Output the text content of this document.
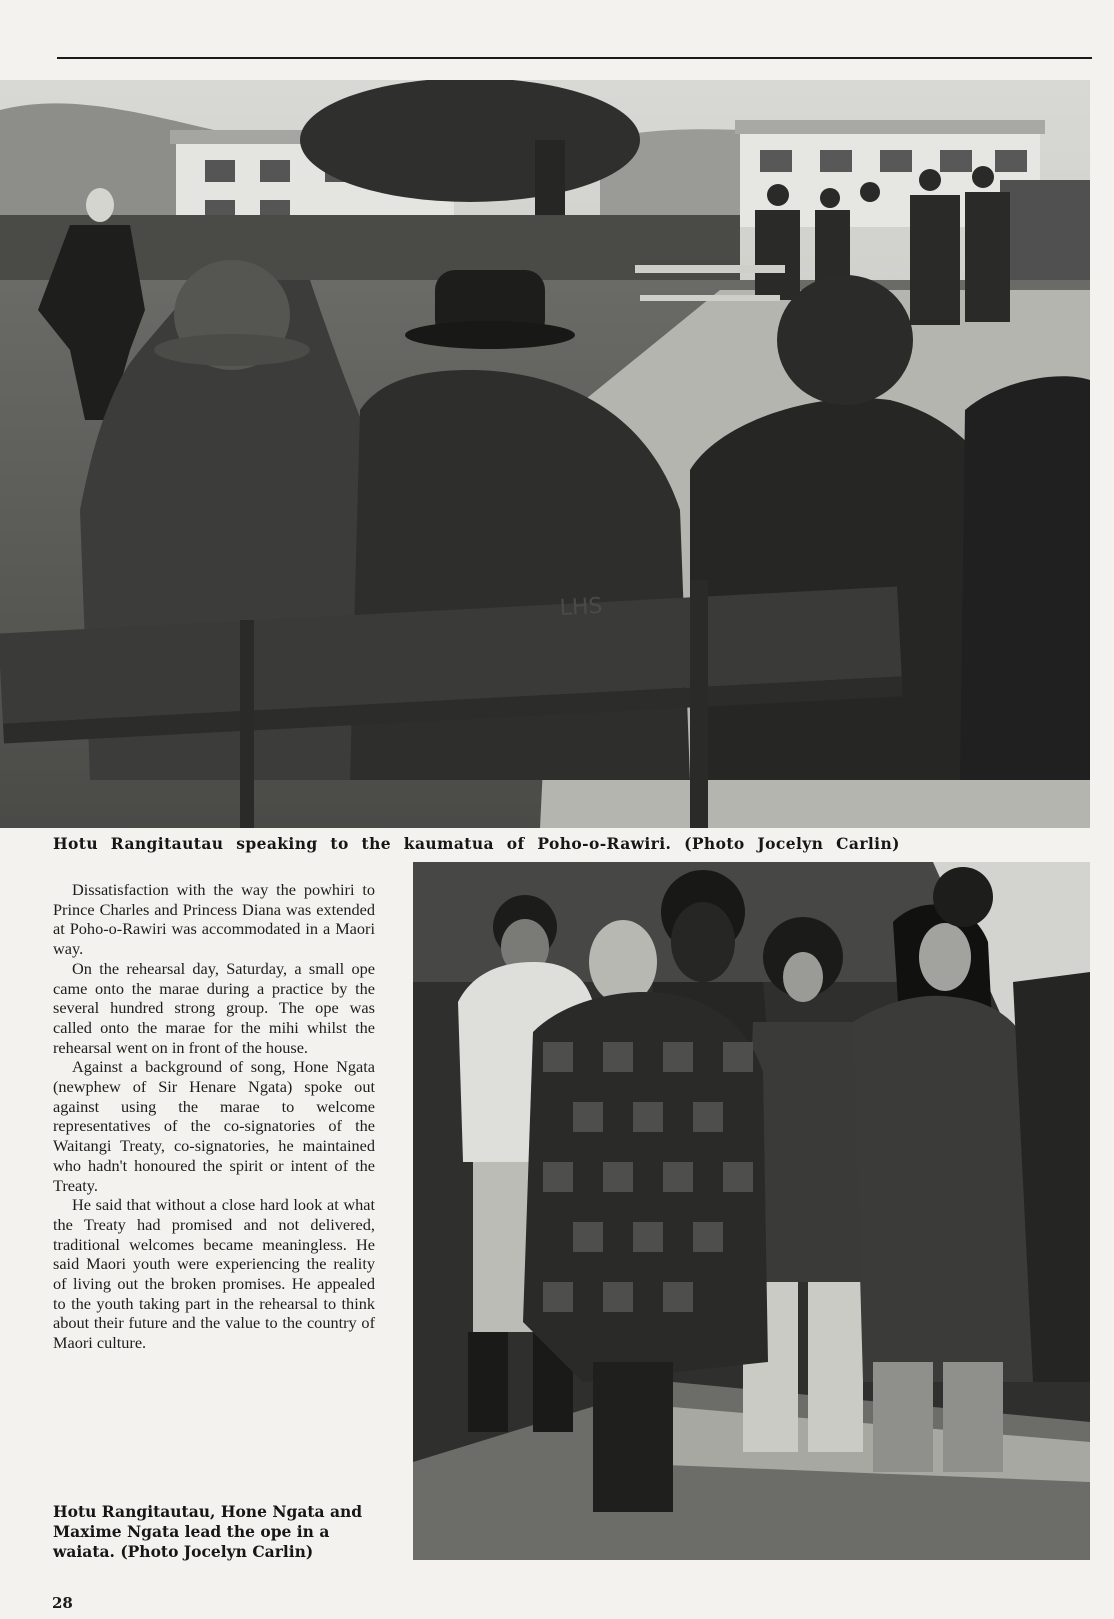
LHS

Hotu Rangitautau speaking to the kaumatua of Poho-o-Rawiri. (Photo Jocelyn Carlin)

Dissatisfaction with the way the powhiri to Prince Charles and Princess Diana was extended at Poho-o-Rawiri was accommodated in a Maori way.

On the rehearsal day, Saturday, a small ope came onto the marae during a practice by the several hundred strong group. The ope was called onto the marae for the mihi whilst the rehearsal went on in front of the house.

Against a background of song, Hone Ngata (newphew of Sir Henare Ngata) spoke out against using the marae to welcome representatives of the co-signatories of the Waitangi Treaty, co-signatories, he maintained who hadn't honoured the spirit or intent of the Treaty.

He said that without a close hard look at what the Treaty had promised and not delivered, traditional welcomes became meaningless. He said Maori youth were experiencing the reality of living out the broken promises. He appealed to the youth taking part in the rehearsal to think about their future and the value to the country of Maori culture.

Hotu Rangitautau, Hone Ngata and Maxime Ngata lead the ope in a waiata. (Photo Jocelyn Carlin)

28
